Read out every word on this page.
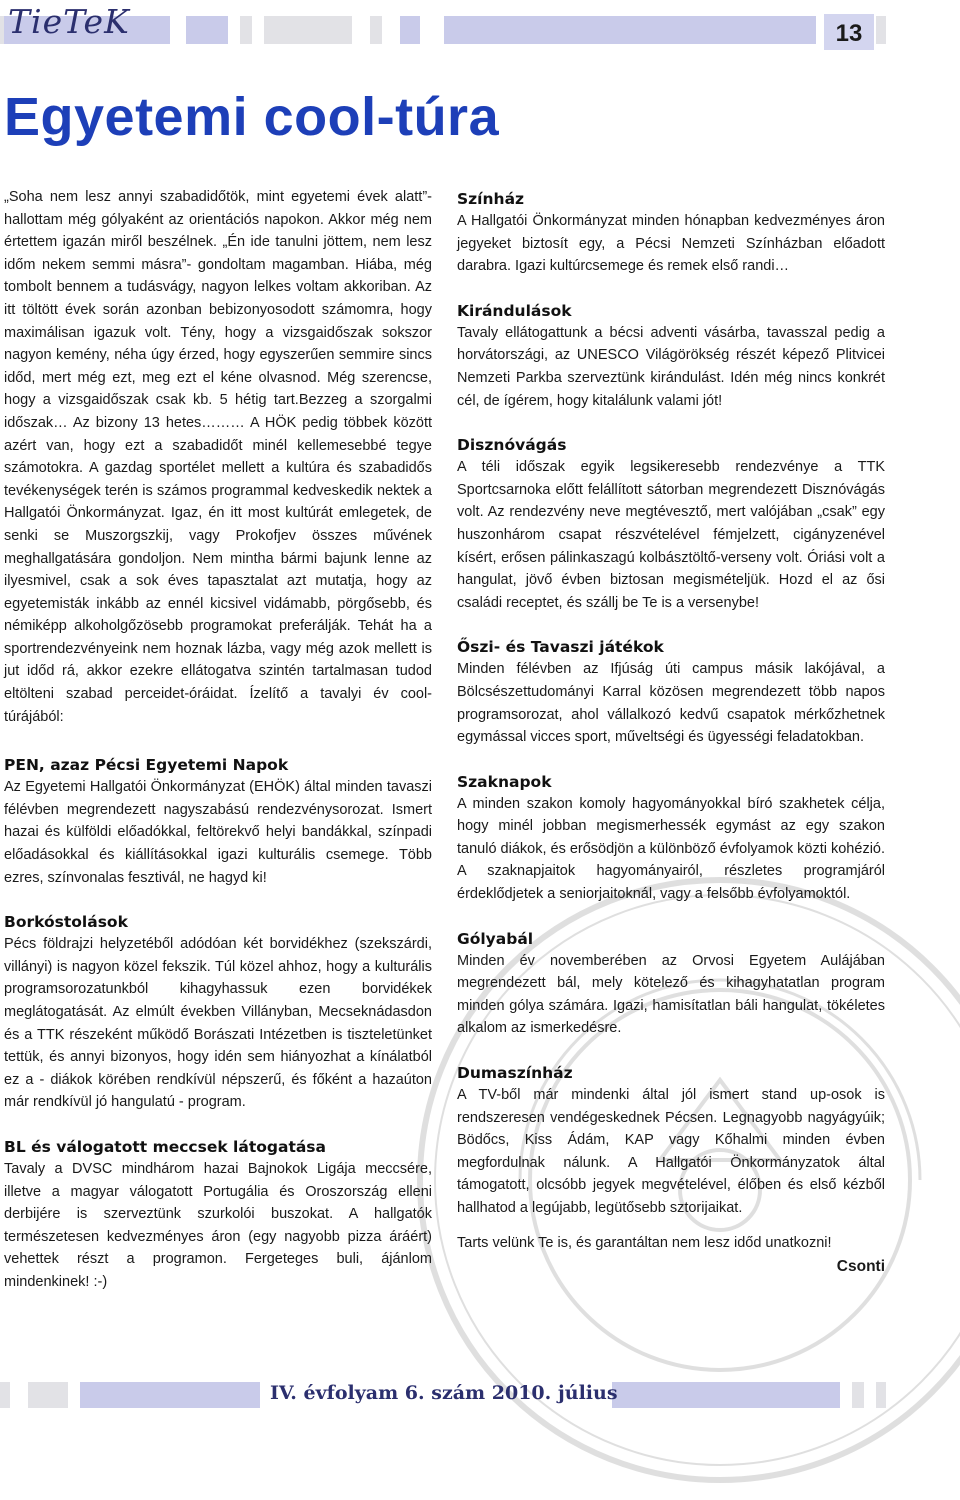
TieTeK	13
Egyetemi cool-túra

„Soha nem lesz annyi szabadidőtök, mint egyetemi évek alatt”- hallottam még gólyaként az orientációs napokon. Akkor még nem értettem igazán miről beszélnek. „Én ide tanulni jöttem, nem lesz időm nekem semmi másra”- gondoltam magamban. Hiába, még tombolt bennem a tudásvágy, nagyon lelkes voltam akkoriban. Az itt töltött évek során azonban bebizonyosodott számomra, hogy maximálisan igazuk volt. Tény, hogy a vizsgaidőszak sokszor nagyon kemény, néha úgy érzed, hogy egyszerűen semmire sincs időd, mert még ezt, meg ezt el kéne olvasnod. Még szerencse, hogy a vizsgaidőszak csak kb. 5 hétig tart.Bezzeg a szorgalmi időszak… Az bizony 13 hetes……… A HÖK pedig többek között azért van, hogy ezt a szabadidőt minél kellemesebbé tegye számotokra. A gazdag sportélet mellett a kultúra és szabadidős tevékenységek terén is számos programmal kedveskedik nektek a Hallgatói Önkormányzat. Igaz, én itt most kultúrát emlegetek, de senki se Muszorgszkij, vagy Prokofjev összes művének meghallgatására gondoljon. Nem mintha bármi bajunk lenne az ilyesmivel, csak a sok éves tapasztalat azt mutatja, hogy az egyetemisták inkább az ennél kicsivel vidámabb, pörgősebb, és némiképp alkoholgőzösebb programokat preferálják. Tehát ha a sportrendezvényeink nem hoznak lázba, vagy még azok mellett is jut időd rá, akkor ezekre ellátogatva szintén tartalmasan tudod eltölteni szabad perceidet-óráidat. Ízelítő a tavalyi év cool-túrájából:

PEN, azaz Pécsi Egyetemi Napok

Az Egyetemi Hallgatói Önkormányzat (EHÖK) által minden tavaszi félévben megrendezett nagyszabású rendezvénysorozat. Ismert hazai és külföldi előadókkal, feltörekvő helyi bandákkal, színpadi előadásokkal és kiállításokkal igazi kulturális csemege. Több ezres, színvonalas fesztivál, ne hagyd ki!

Borkóstolások

Pécs földrajzi helyzetéből adódóan két borvidékhez (szekszárdi, villányi) is nagyon közel fekszik. Túl közel ahhoz, hogy a kulturális programsorozatunkból kihagyhassuk ezen borvidékek meglátogatását. Az elmúlt években Villányban, Mecseknádasdon és a TTK részeként működő Borászati Intézetben is tiszteletünket tettük, és annyi bizonyos, hogy idén sem hiányozhat a kínálatból ez a - diákok körében rendkívül népszerű, és főként a hazaúton már rendkívül jó hangulatú - program.

BL és válogatott meccsek látogatása

Tavaly a DVSC mindhárom hazai Bajnokok Ligája meccsére, illetve a magyar válogatott Portugália és Oroszország elleni derbijére is szerveztünk szurkolói buszokat. A hallgatók természetesen kedvezményes áron (egy nagyobb pizza áráért) vehettek részt a programon. Fergeteges buli, ájánlom mindenkinek! :-)

Színház

A Hallgatói Önkormányzat minden hónapban kedvezményes áron jegyeket biztosít egy, a Pécsi Nemzeti Színházban előadott darabra. Igazi kultúrcsemege és remek első randi…

Kirándulások

Tavaly ellátogattunk a bécsi adventi vásárba, tavasszal pedig a horvátországi, az UNESCO Világörökség részét képező Plitvicei Nemzeti Parkba szerveztünk kirándulást. Idén még nincs konkrét cél, de ígérem, hogy kitalálunk valami jót!

Disznóvágás

A téli időszak egyik legsikeresebb rendezvénye a TTK Sportcsarnoka előtt felállított sátorban megrendezett Disznóvágás volt. Az rendezvény neve megtévesztő, mert valójában „csak” egy huszonhárom csapat részvételével fémjelzett, cigányzenével kísért, erősen pálinkaszagú kolbásztöltő-verseny volt. Óriási volt a hangulat, jövő évben biztosan megismételjük. Hozd el az ősi családi receptet, és szállj be Te is a versenybe!

Őszi- és Tavaszi játékok

Minden félévben az Ifjúság úti campus másik lakójával, a Bölcsészettudományi Karral közösen megrendezett több napos programsorozat, ahol vállalkozó kedvű csapatok mérkőzhetnek egymással vicces sport, műveltségi és ügyességi feladatokban.

Szaknapok

A minden szakon komoly hagyományokkal bíró szakhetek célja, hogy minél jobban megismerhessék egymást az egy szakon tanuló diákok, és erősödjön a különböző évfolyamok közti kohézió. A szaknapjaitok hagyományairól, részletes programjáról érdeklődjetek a seniorjaitoknál, vagy a felsőbb évfolyamoktól.

Gólyabál

Minden év novemberében az Orvosi Egyetem Aulájában megrendezett bál, mely kötelező és kihagyhatatlan program minden gólya számára. Igazi, hamisítatlan báli hangulat, tökéletes alkalom az ismerkedésre.

Dumaszínház

A TV-ből már mindenki által jól ismert stand up-osok is rendszeresen vendégeskednek Pécsen. Legnagyobb nagyágyúik; Bödőcs, Kiss Ádám, KAP vagy Kőhalmi minden évben megfordulnak nálunk. A Hallgatói Önkormányzatok által támogatott, olcsóbb jegyek megvételével, élőben és első kézből hallhatod a legújabb, legütősebb sztorijaikat.

Tarts velünk Te is, és garantáltan nem lesz időd unatkozni!

Csonti
IV. évfolyam 6. szám 2010. július
